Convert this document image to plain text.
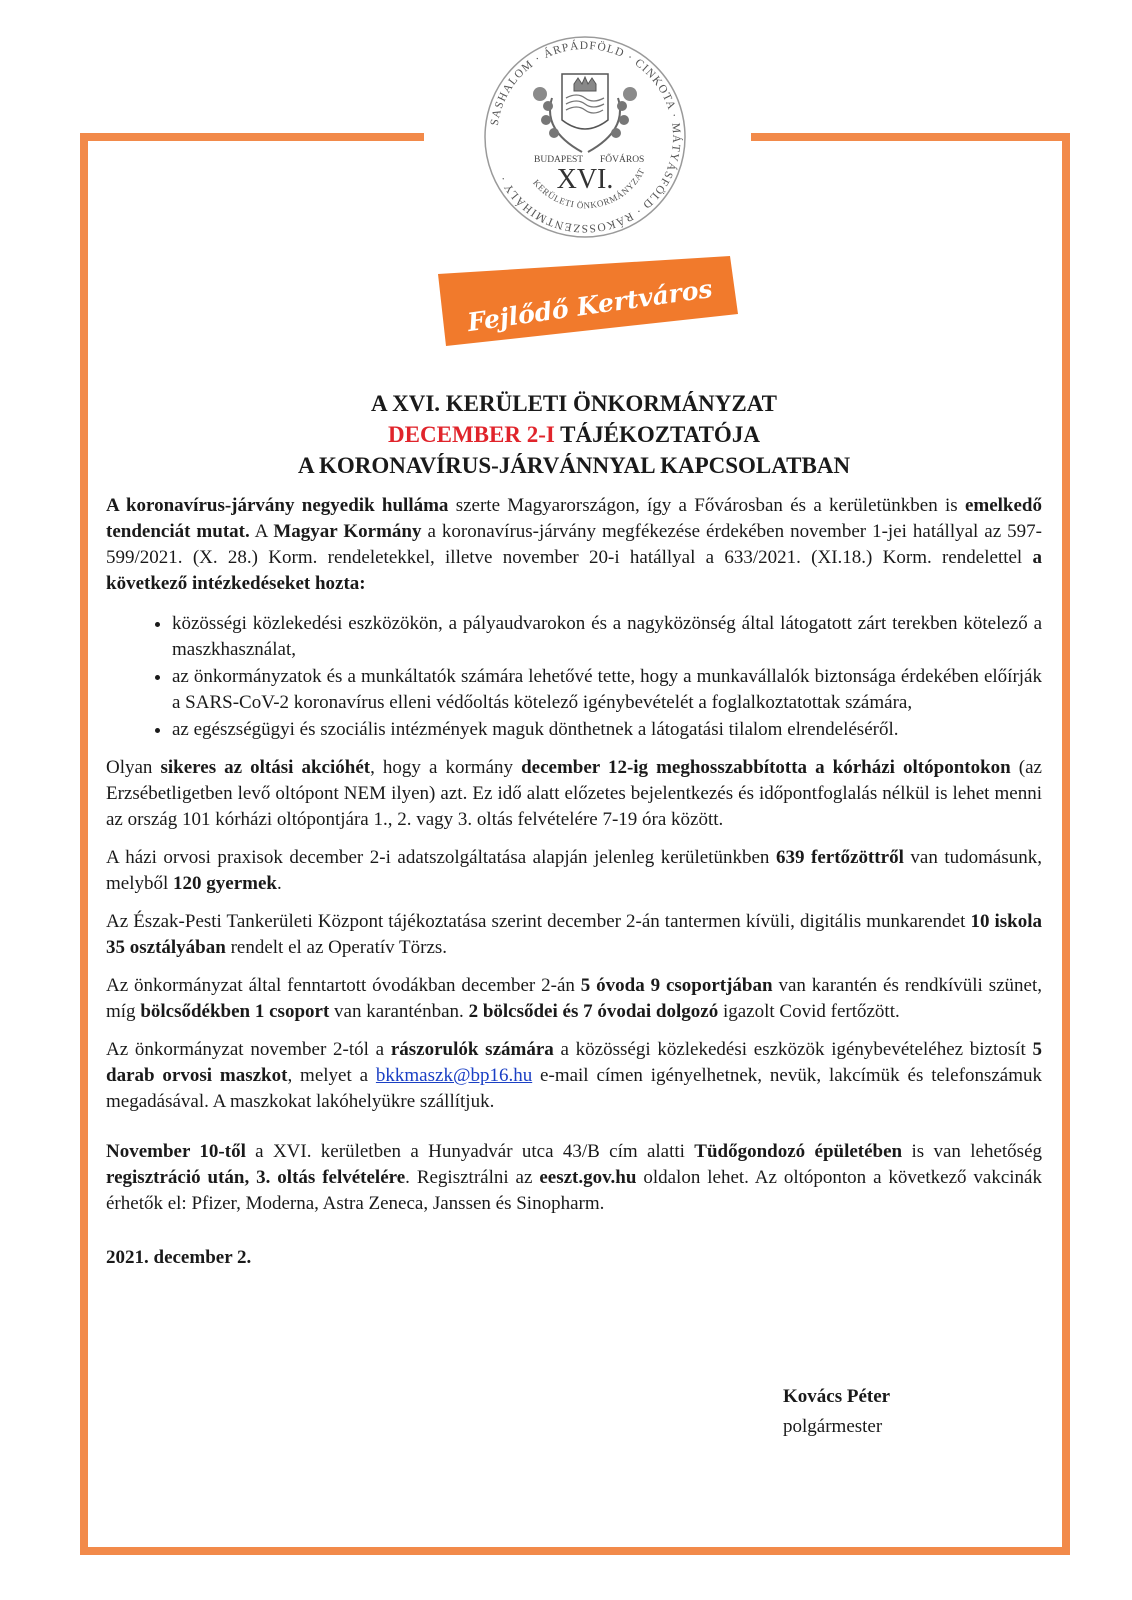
SASHALOM · ÁRPÁDFÖLD · CINKOTA · MÁTYÁSFÖLD · RÁKOSSZENTMIHÁLY ·
BUDAPEST FŐVÁROS
XVI.
KERÜLETI ÖNKORMÁNYZAT
Fejlődő Kertváros
A XVI. KERÜLETI ÖNKORMÁNYZAT
DECEMBER 2-I TÁJÉKOZTATÓJA
A KORONAVÍRUS-JÁRVÁNNYAL KAPCSOLATBAN

A koronavírus-járvány negyedik hulláma szerte Magyarországon, így a Fővárosban és a kerületünkben is emelkedő tendenciát mutat. A Magyar Kormány a koronavírus-járvány megfékezése érdekében november 1-jei hatállyal az 597-599/2021. (X. 28.) Korm. rendeletekkel, illetve november 20-i hatállyal a 633/2021. (XI.18.) Korm. rendelettel a következő intézkedéseket hozta:

• közösségi közlekedési eszközökön, a pályaudvarokon és a nagyközönség által látogatott zárt terekben kötelező a maszkhasználat,
• az önkormányzatok és a munkáltatók számára lehetővé tette, hogy a munkavállalók biztonsága érdekében előírják a SARS-CoV-2 koronavírus elleni védőoltás kötelező igénybevételét a foglalkoztatottak számára,
• az egészségügyi és szociális intézmények maguk dönthetnek a látogatási tilalom elrendeléséről.

Olyan sikeres az oltási akcióhét, hogy a kormány december 12-ig meghosszabbította a kórházi oltópontokon (az Erzsébetligetben levő oltópont NEM ilyen) azt. Ez idő alatt előzetes bejelentkezés és időpontfoglalás nélkül is lehet menni az ország 101 kórházi oltópontjára 1., 2. vagy 3. oltás felvételére 7-19 óra között.

A házi orvosi praxisok december 2-i adatszolgáltatása alapján jelenleg kerületünkben 639 fertőzöttről van tudomásunk, melyből 120 gyermek.

Az Észak-Pesti Tankerületi Központ tájékoztatása szerint december 2-án tantermen kívüli, digitális munkarendet 10 iskola 35 osztályában rendelt el az Operatív Törzs.

Az önkormányzat által fenntartott óvodákban december 2-án 5 óvoda 9 csoportjában van karantén és rendkívüli szünet, míg bölcsődékben 1 csoport van karanténban. 2 bölcsődei és 7 óvodai dolgozó igazolt Covid fertőzött.

Az önkormányzat november 2-tól a rászorulók számára a közösségi közlekedési eszközök igénybevételéhez biztosít 5 darab orvosi maszkot, melyet a bkkmaszk@bp16.hu e-mail címen igényelhetnek, nevük, lakcímük és telefonszámuk megadásával. A maszkokat lakóhelyükre szállítjuk.

November 10-től a XVI. kerületben a Hunyadvár utca 43/B cím alatti Tüdőgondozó épületében is van lehetőség regisztráció után, 3. oltás felvételére. Regisztrálni az eeszt.gov.hu oldalon lehet. Az oltóponton a következő vakcinák érhetők el: Pfizer, Moderna, Astra Zeneca, Janssen és Sinopharm.

2021. december 2.
Kovács Péter
polgármester
